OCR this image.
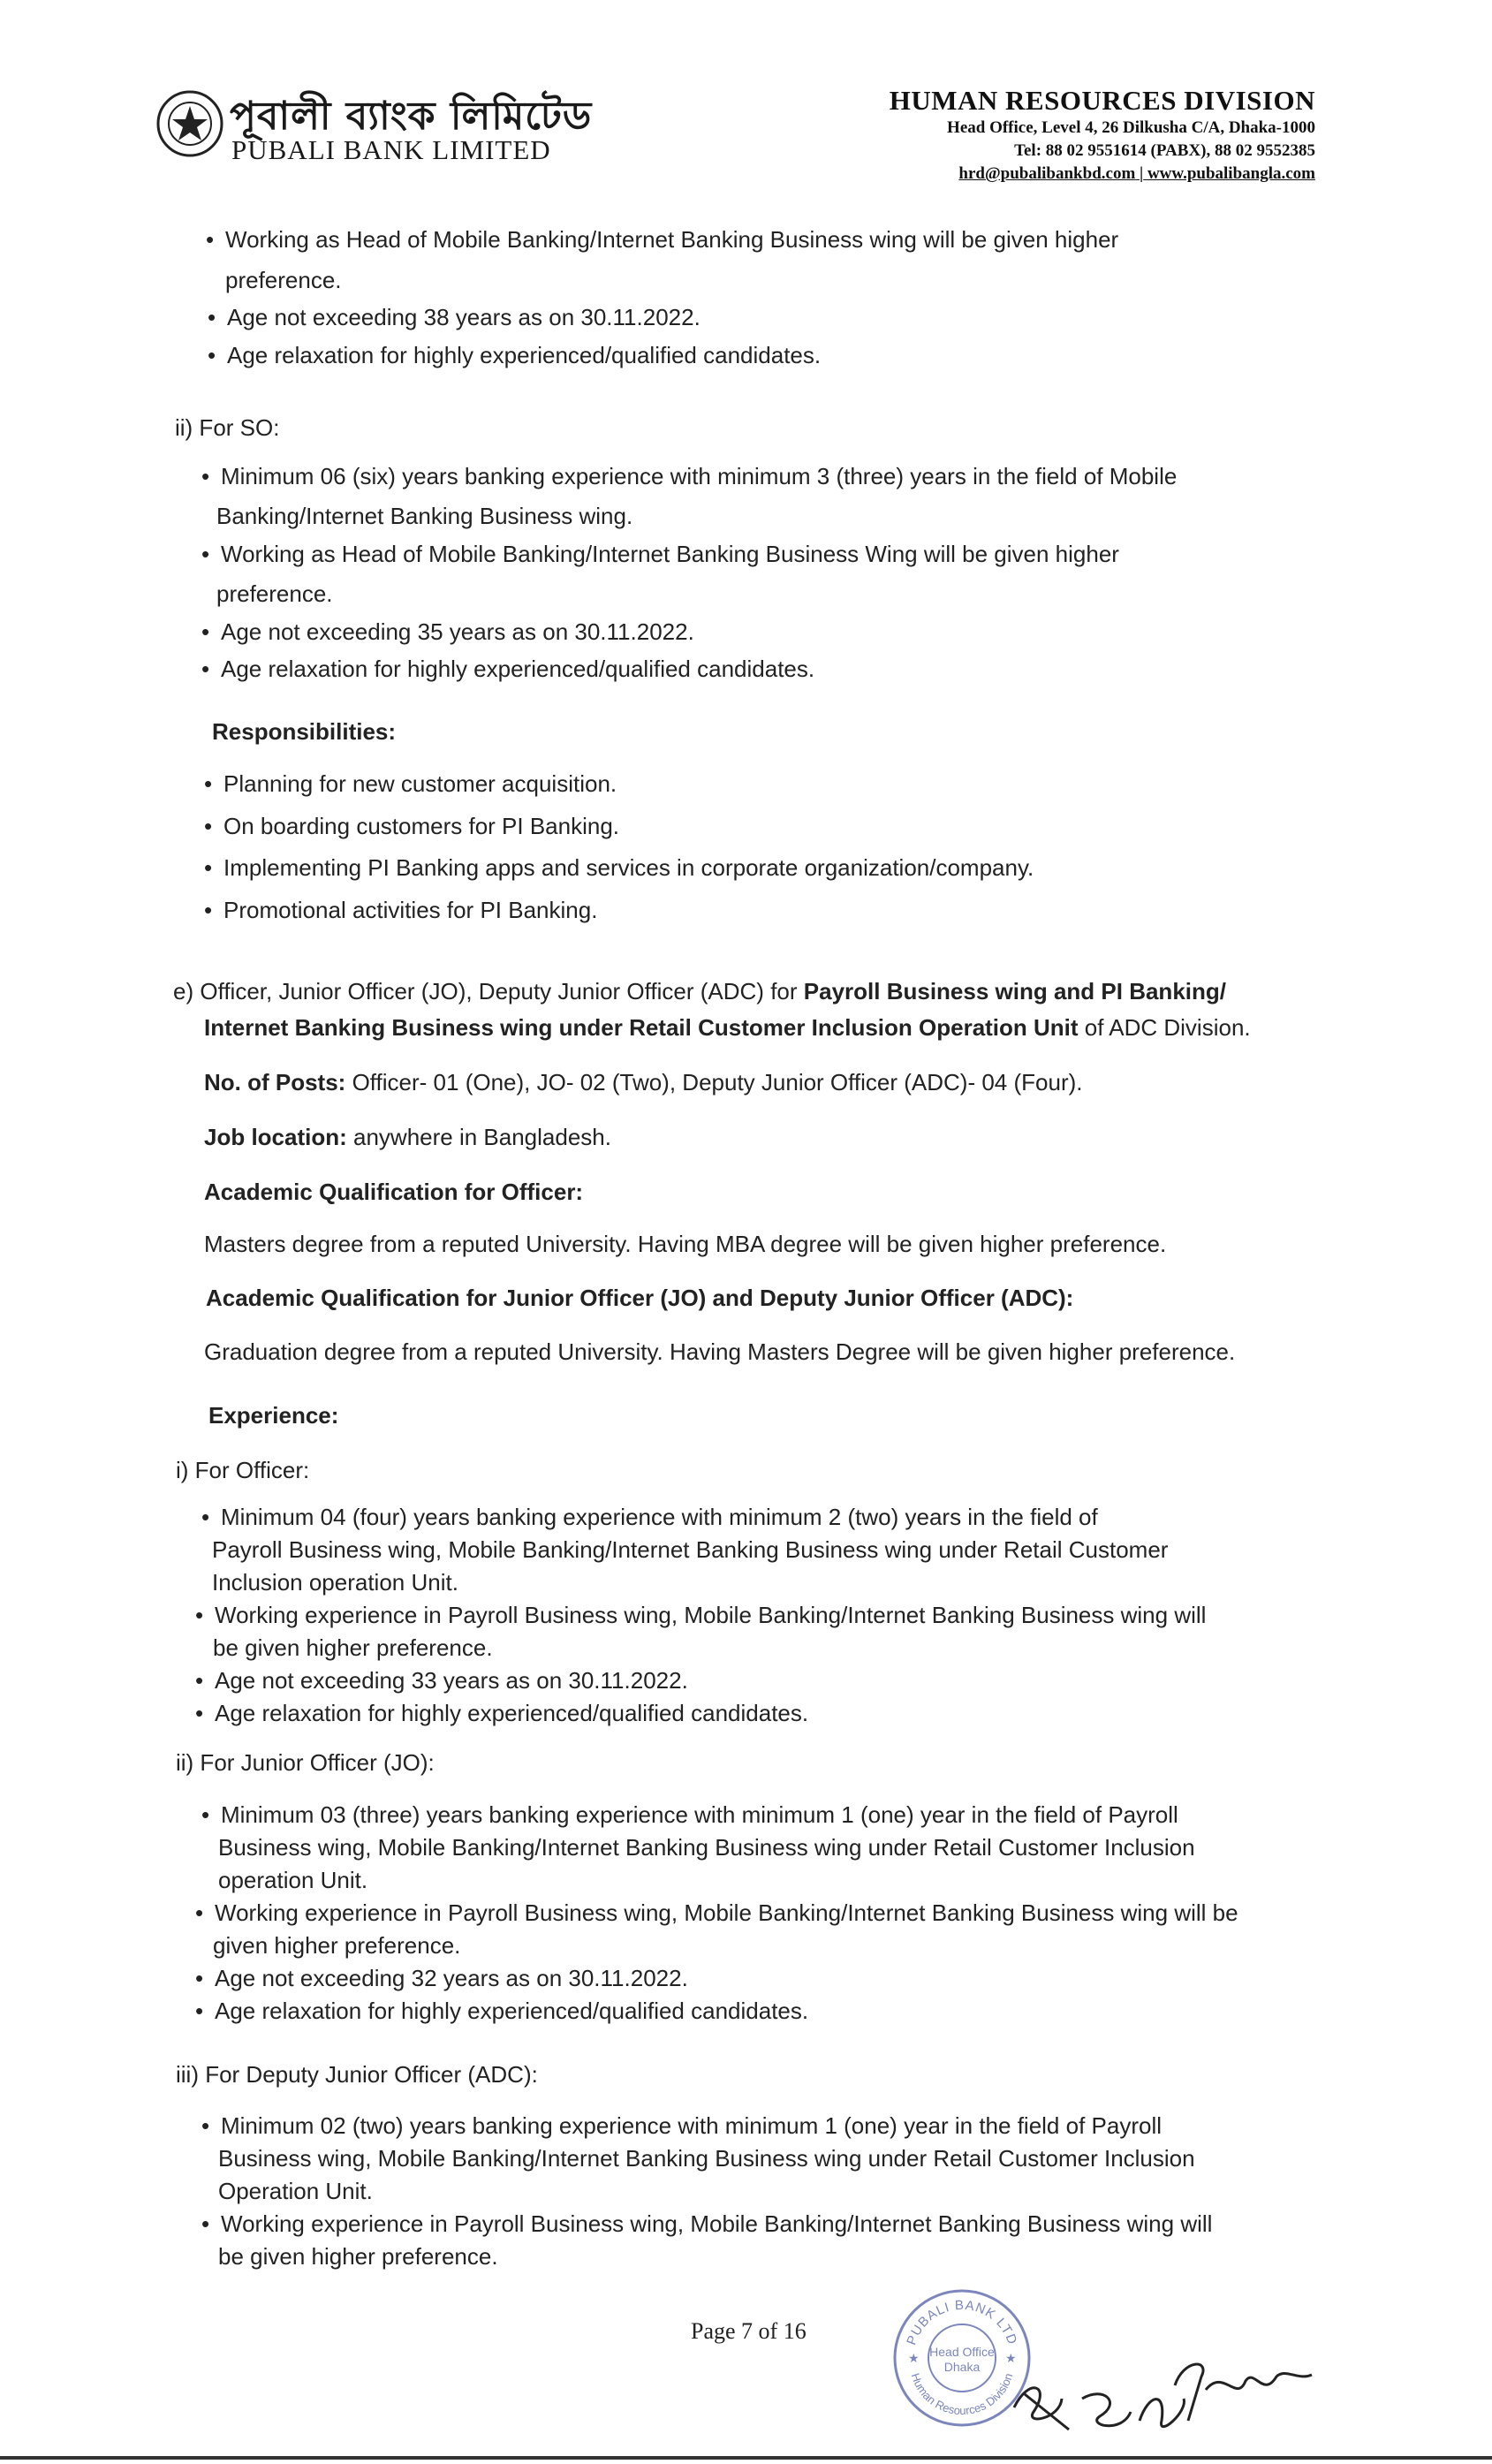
পূবালী ব্যাংক লিমিটেড
PUBALI BANK LIMITED
HUMAN RESOURCES DIVISION
Head Office, Level 4, 26 Dilkusha C/A, Dhaka-1000
Tel: 88 02 9551614 (PABX), 88 02 9552385
hrd@pubalibankbd.com | www.pubalibangla.com
• Working as Head of Mobile Banking/Internet Banking Business wing will be given higher
preference.
• Age not exceeding 38 years as on 30.11.2022.
• Age relaxation for highly experienced/qualified candidates.
ii) For SO:
• Minimum 06 (six) years banking experience with minimum 3 (three) years in the field of Mobile
Banking/Internet Banking Business wing.
• Working as Head of Mobile Banking/Internet Banking Business Wing will be given higher
preference.
• Age not exceeding 35 years as on 30.11.2022.
• Age relaxation for highly experienced/qualified candidates.
Responsibilities:
• Planning for new customer acquisition.
• On boarding customers for PI Banking.
• Implementing PI Banking apps and services in corporate organization/company.
• Promotional activities for PI Banking.
e) Officer, Junior Officer (JO), Deputy Junior Officer (ADC) for Payroll Business wing and PI Banking/
Internet Banking Business wing under Retail Customer Inclusion Operation Unit of ADC Division.
No. of Posts: Officer- 01 (One), JO- 02 (Two), Deputy Junior Officer (ADC)- 04 (Four).
Job location: anywhere in Bangladesh.
Academic Qualification for Officer:
Masters degree from a reputed University. Having MBA degree will be given higher preference.
Academic Qualification for Junior Officer (JO) and Deputy Junior Officer (ADC):
Graduation degree from a reputed University. Having Masters Degree will be given higher preference.
Experience:
i) For Officer:
• Minimum 04 (four) years banking experience with minimum 2 (two) years in the field of
Payroll Business wing, Mobile Banking/Internet Banking Business wing under Retail Customer
Inclusion operation Unit.
• Working experience in Payroll Business wing, Mobile Banking/Internet Banking Business wing will
be given higher preference.
• Age not exceeding 33 years as on 30.11.2022.
• Age relaxation for highly experienced/qualified candidates.
ii) For Junior Officer (JO):
• Minimum 03 (three) years banking experience with minimum 1 (one) year in the field of Payroll
Business wing, Mobile Banking/Internet Banking Business wing under Retail Customer Inclusion
operation Unit.
• Working experience in Payroll Business wing, Mobile Banking/Internet Banking Business wing will be
given higher preference.
• Age not exceeding 32 years as on 30.11.2022.
• Age relaxation for highly experienced/qualified candidates.
iii) For Deputy Junior Officer (ADC):
• Minimum 02 (two) years banking experience with minimum 1 (one) year in the field of Payroll
Business wing, Mobile Banking/Internet Banking Business wing under Retail Customer Inclusion
Operation Unit.
• Working experience in Payroll Business wing, Mobile Banking/Internet Banking Business wing will
be given higher preference.
Page 7 of 16	PUBALI BANK LTD
Human Resources Division
Head Office
Dhaka
★	★
